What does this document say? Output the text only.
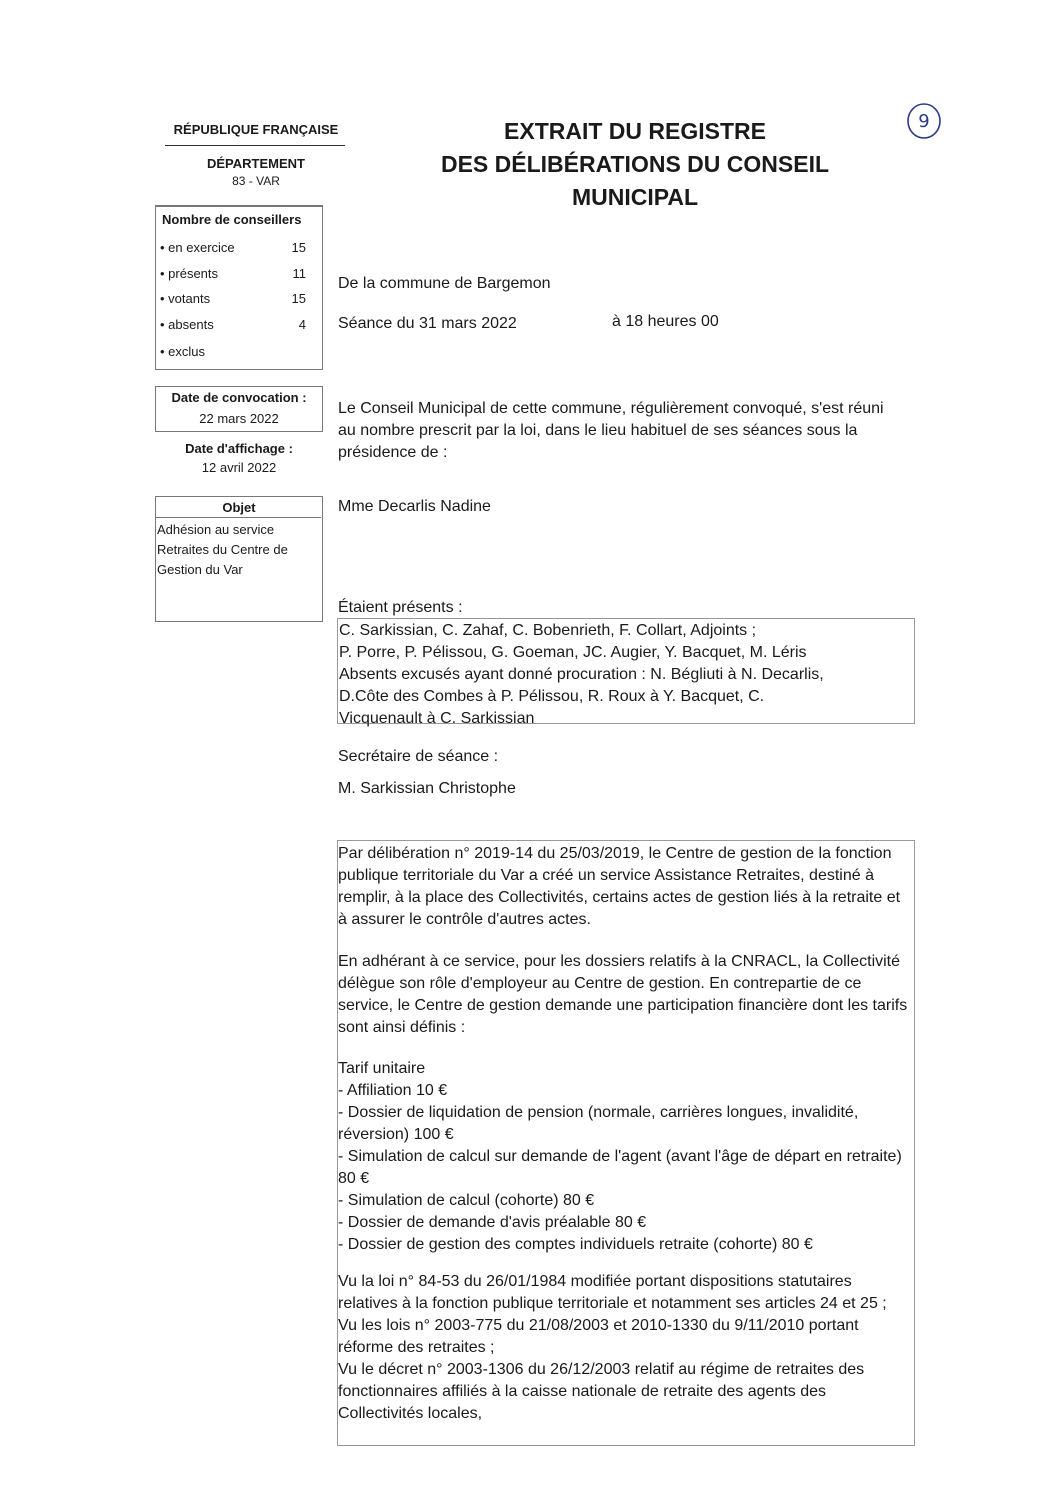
RÉPUBLIQUE FRANÇAISE
DÉPARTEMENT
83 - VAR
Nombre de conseillers
• en exercice	15
• présents	11
• votants	15
• absents	4
• exclus
Date de convocation :
22 mars 2022
Date d'affichage :
12 avril 2022
Objet
Adhésion au service Retraites du Centre de Gestion du Var
EXTRAIT DU REGISTRE
DES DÉLIBÉRATIONS DU CONSEIL
MUNICIPAL
9
De la commune de Bargemon
Séance du 31 mars 2022	à 18 heures 00
Le Conseil Municipal de cette commune, régulièrement convoqué, s'est réuni au nombre prescrit par la loi, dans le lieu habituel de ses séances sous la présidence de :
Mme Decarlis Nadine
Étaient présents :
C. Sarkissian, C. Zahaf, C. Bobenrieth, F. Collart, Adjoints ;
P. Porre, P. Pélissou, G. Goeman, JC. Augier, Y. Bacquet, M. Léris
Absents excusés ayant donné procuration : N. Bégliuti à N. Decarlis,
D.Côte des Combes à P. Pélissou, R. Roux à Y. Bacquet, C.
Vicquenault à C. Sarkissian
Secrétaire de séance :
M. Sarkissian Christophe
Par délibération n° 2019-14 du 25/03/2019, le Centre de gestion de la fonction publique territoriale du Var a créé un service Assistance Retraites, destiné à remplir, à la place des Collectivités, certains actes de gestion liés à la retraite et à assurer le contrôle d'autres actes.
En adhérant à ce service, pour les dossiers relatifs à la CNRACL, la Collectivité délègue son rôle d'employeur au Centre de gestion. En contrepartie de ce service, le Centre de gestion demande une participation financière dont les tarifs sont ainsi définis :

Tarif unitaire

- Affiliation 10 €

- Dossier de liquidation de pension (normale, carrières longues, invalidité, réversion) 100 €

- Simulation de calcul sur demande de l'agent (avant l'âge de départ en retraite) 80 €

- Simulation de calcul (cohorte) 80 €

- Dossier de demande d'avis préalable 80 €

- Dossier de gestion des comptes individuels retraite (cohorte) 80 €

Vu la loi n° 84-53 du 26/01/1984 modifiée portant dispositions statutaires relatives à la fonction publique territoriale et notamment ses articles 24 et 25 ;

Vu les lois n° 2003-775 du 21/08/2003 et 2010-1330 du 9/11/2010 portant réforme des retraites ;

Vu le décret n° 2003-1306 du 26/12/2003 relatif au régime de retraites des fonctionnaires affiliés à la caisse nationale de retraite des agents des Collectivités locales,
